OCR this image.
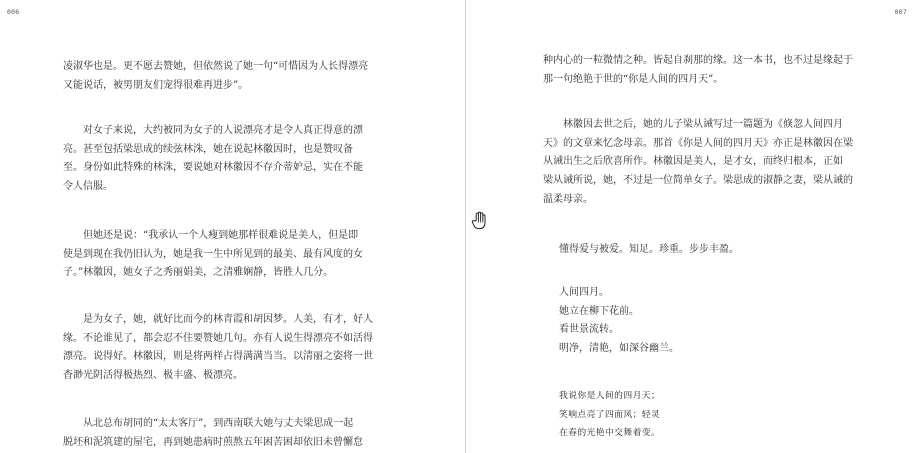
006

凌淑华也是。更不愿去赞她，但依然说了她一句“可惜因为人长得漂亮
又能说话，被男朋友们宠得很难再进步”。

　　对女子来说，大约被同为女子的人说漂亮才是令人真正得意的漂
亮。甚至包括梁思成的续弦林洙，她在说起林徽因时，也是赞叹备
至。身份如此特殊的林洙，要说她对林徽因不存介蒂妒忌，实在不能
令人信服。

　　但她还是说：“我承认一个人瘦到她那样很难说是美人，但是即
使是到现在我仍旧认为，她是我一生中所见到的最美、最有风度的女
子。”林徽因，她女子之秀丽娟美，之清雅娴静，皆胜人几分。

　　是为女子，她，就好比而今的林青霞和胡因梦。人美，有才，好人
缘。不论谁见了，都会忍不住要赞她几句。亦有人说生得漂亮不如活得
漂亮。说得好。林徽因，则是将两样占得满满当当。以清丽之姿将一世
杳渺光阴活得极热烈、极丰盛、极漂亮。

　　从北总布胡同的“太太客厅”，到西南联大她与丈夫梁思成一起
脱坯和泥筑建的屋宅，再到她患病时煎熬五年困苦困却依旧未曾懈怠

007

种内心的一粒微情之种。皆起自刹那的缘。这一本书，也不过是缘起于
那一句绝艳于世的“你是人间的四月天”。

　　林徽因去世之后，她的儿子梁从诫写过一篇题为《倏忽人间四月
天》的文章来忆念母亲。那首《你是人间的四月天》亦正是林徽因在梁
从诫出生之后欣喜所作。林徽因是美人，是才女，而终归根本，正如
梁从诫所说，她，不过是一位简单女子。梁思成的淑静之妻，梁从诫的
温柔母亲。

懂得爱与被爱。知足。珍重。步步丰盈。

人间四月。
她立在柳下花前。
看世景流转。
明净，清艳，如深谷幽兰。

我说你是人间的四月天；
笑响点亮了四面风；轻灵
在春的光艳中交舞着变。
